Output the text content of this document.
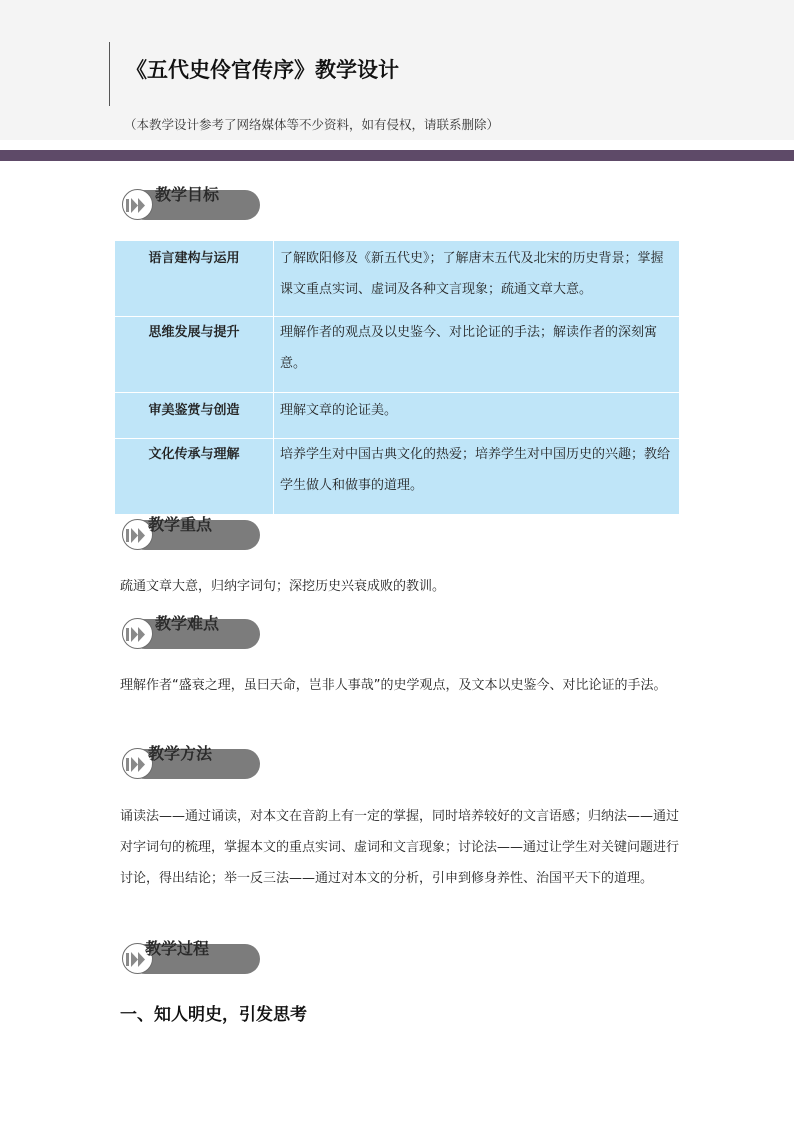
《五代史伶官传序》教学设计
（本教学设计参考了网络媒体等不少资料，如有侵权，请联系删除）
教学目标
语言建构与运用	了解欧阳修及《新五代史》；了解唐末五代及北宋的历史背景；掌握课文重点实词、虚词及各种文言现象；疏通文章大意。
思维发展与提升	理解作者的观点及以史鉴今、对比论证的手法；解读作者的深刻寓意。
审美鉴赏与创造	理解文章的论证美。
文化传承与理解	培养学生对中国古典文化的热爱；培养学生对中国历史的兴趣；教给学生做人和做事的道理。
教学重点
疏通文章大意，归纳字词句；深挖历史兴衰成败的教训。
教学难点
理解作者“盛衰之理，虽曰天命，岂非人事哉”的史学观点，及文本以史鉴今、对比论证的手法。
教学方法
诵读法——通过诵读，对本文在音韵上有一定的掌握，同时培养较好的文言语感；归纳法——通过对字词句的梳理，掌握本文的重点实词、虚词和文言现象；讨论法——通过让学生对关键问题进行讨论，得出结论；举一反三法——通过对本文的分析，引申到修身养性、治国平天下的道理。
教学过程
一、知人明史，引发思考
